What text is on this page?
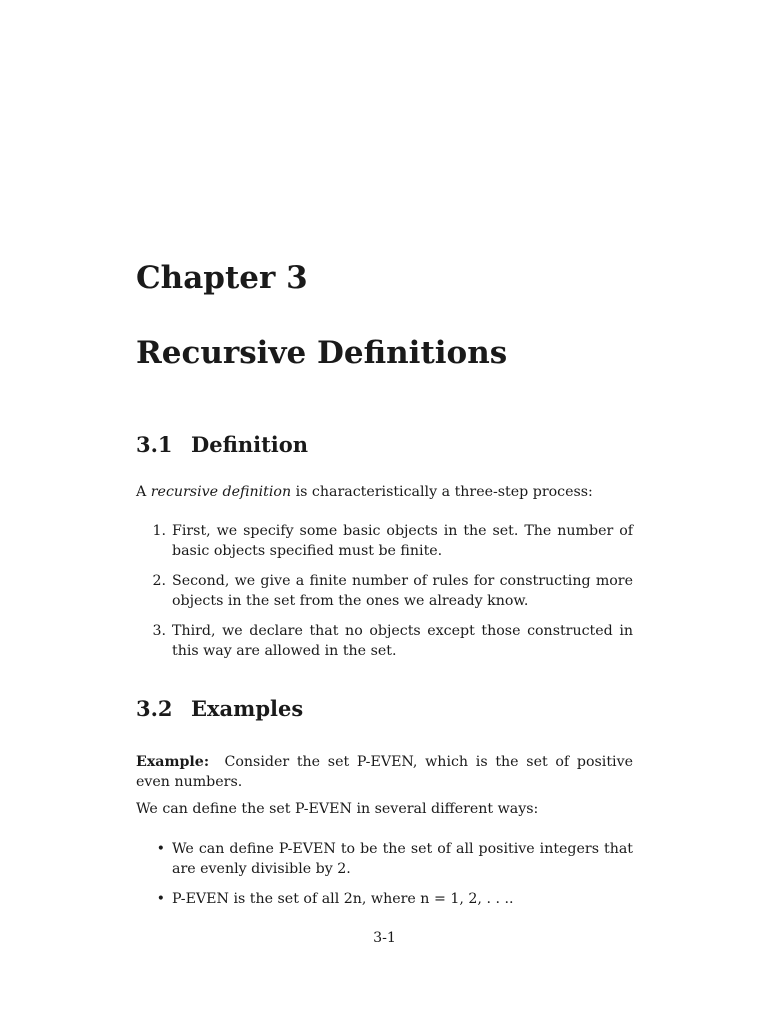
Chapter 3
Recursive Definitions
3.1 Definition
A recursive definition is characteristically a three-step process:
1. First, we specify some basic objects in the set. The number of basic objects specified must be finite.
2. Second, we give a finite number of rules for constructing more objects in the set from the ones we already know.
3. Third, we declare that no objects except those constructed in this way are allowed in the set.
3.2 Examples
Example:  Consider the set P-EVEN, which is the set of positive even numbers.
We can define the set P-EVEN in several different ways:
• We can define P-EVEN to be the set of all positive integers that are evenly divisible by 2.
• P-EVEN is the set of all 2n, where n = 1, 2, . . ..
3-1
